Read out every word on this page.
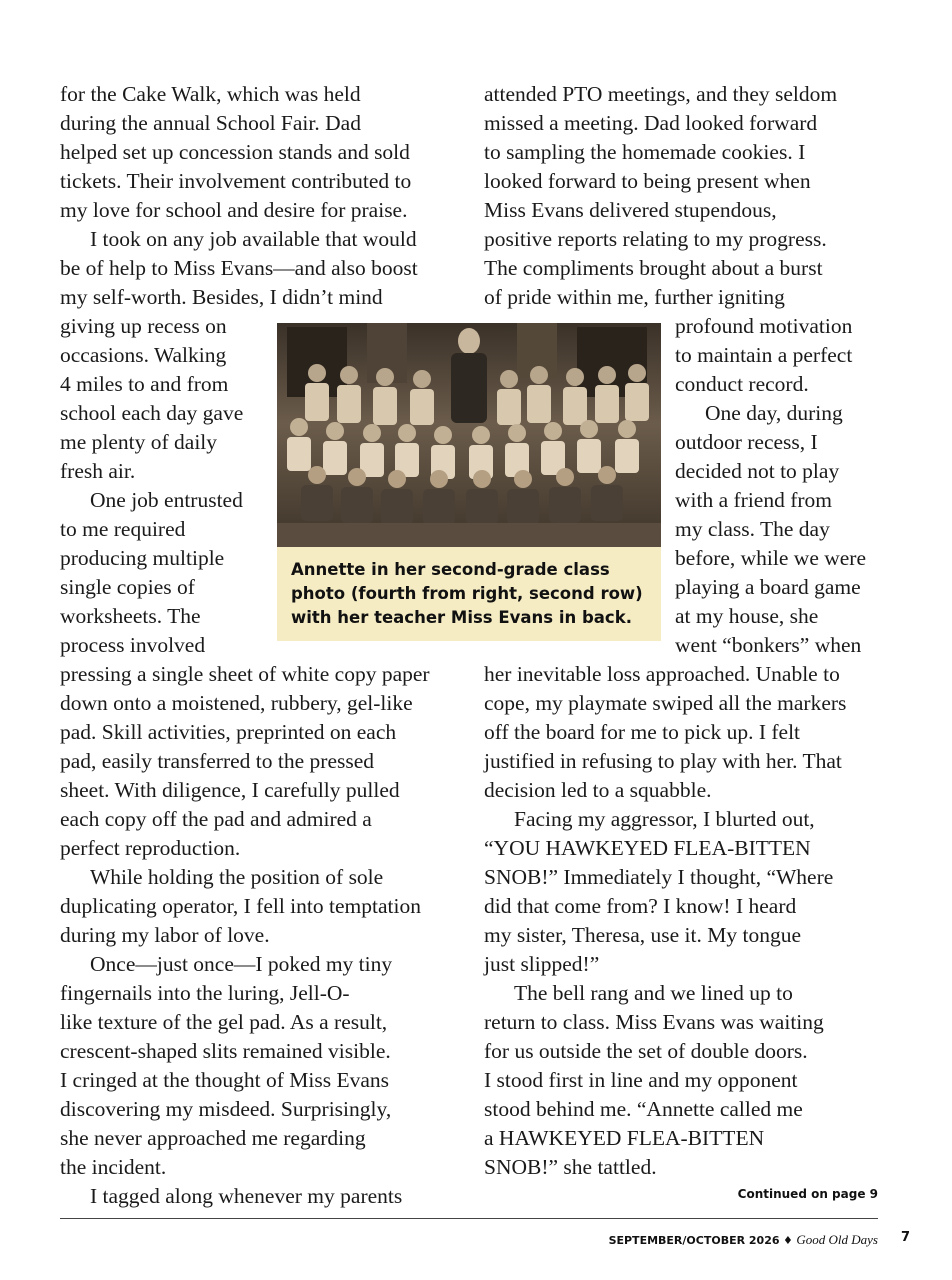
for the Cake Walk, which was held

during the annual School Fair. Dad

helped set up concession stands and sold

tickets. Their involvement contributed to

my love for school and desire for praise.

I took on any job available that would

be of help to Miss Evans—and also boost

my self-worth. Besides, I didn’t mind

giving up recess on

occasions. Walking

4 miles to and from

school each day gave

me plenty of daily

fresh air.

One job entrusted

to me required

producing multiple

single copies of

worksheets. The

process involved

pressing a single sheet of white copy paper

down onto a moistened, rubbery, gel-like

pad. Skill activities, preprinted on each

pad, easily transferred to the pressed

sheet. With diligence, I carefully pulled

each copy off the pad and admired a

perfect reproduction.

While holding the position of sole

duplicating operator, I fell into temptation

during my labor of love.

Once—just once—I poked my tiny

fingernails into the luring, Jell-O-

like texture of the gel pad. As a result,

crescent-shaped slits remained visible.

I cringed at the thought of Miss Evans

discovering my misdeed. Surprisingly,

she never approached me regarding

the incident.

I tagged along whenever my parents

attended PTO meetings, and they seldom

missed a meeting. Dad looked forward

to sampling the homemade cookies. I

looked forward to being present when

Miss Evans delivered stupendous,

positive reports relating to my progress.

The compliments brought about a burst

of pride within me, further igniting

profound motivation

to maintain a perfect

conduct record.

One day, during

outdoor recess, I

decided not to play

with a friend from

my class. The day

before, while we were

playing a board game

at my house, she

went “bonkers” when

her inevitable loss approached. Unable to

cope, my playmate swiped all the markers

off the board for me to pick up. I felt

justified in refusing to play with her. That

decision led to a squabble.

Facing my aggressor, I blurted out,

“YOU HAWKEYED FLEA-BITTEN

SNOB!” Immediately I thought, “Where

did that come from? I know! I heard

my sister, Theresa, use it. My tongue

just slipped!”

The bell rang and we lined up to

return to class. Miss Evans was waiting

for us outside the set of double doors.

I stood first in line and my opponent

stood behind me. “Annette called me

a HAWKEYED FLEA-BITTEN

SNOB!” she tattled.

Annette in her second-grade class
photo (fourth from right, second row)
with her teacher Miss Evans in back.
Continued on page 9
SEPTEMBER/OCTOBER 2026 ♦ Good Old Days 7
